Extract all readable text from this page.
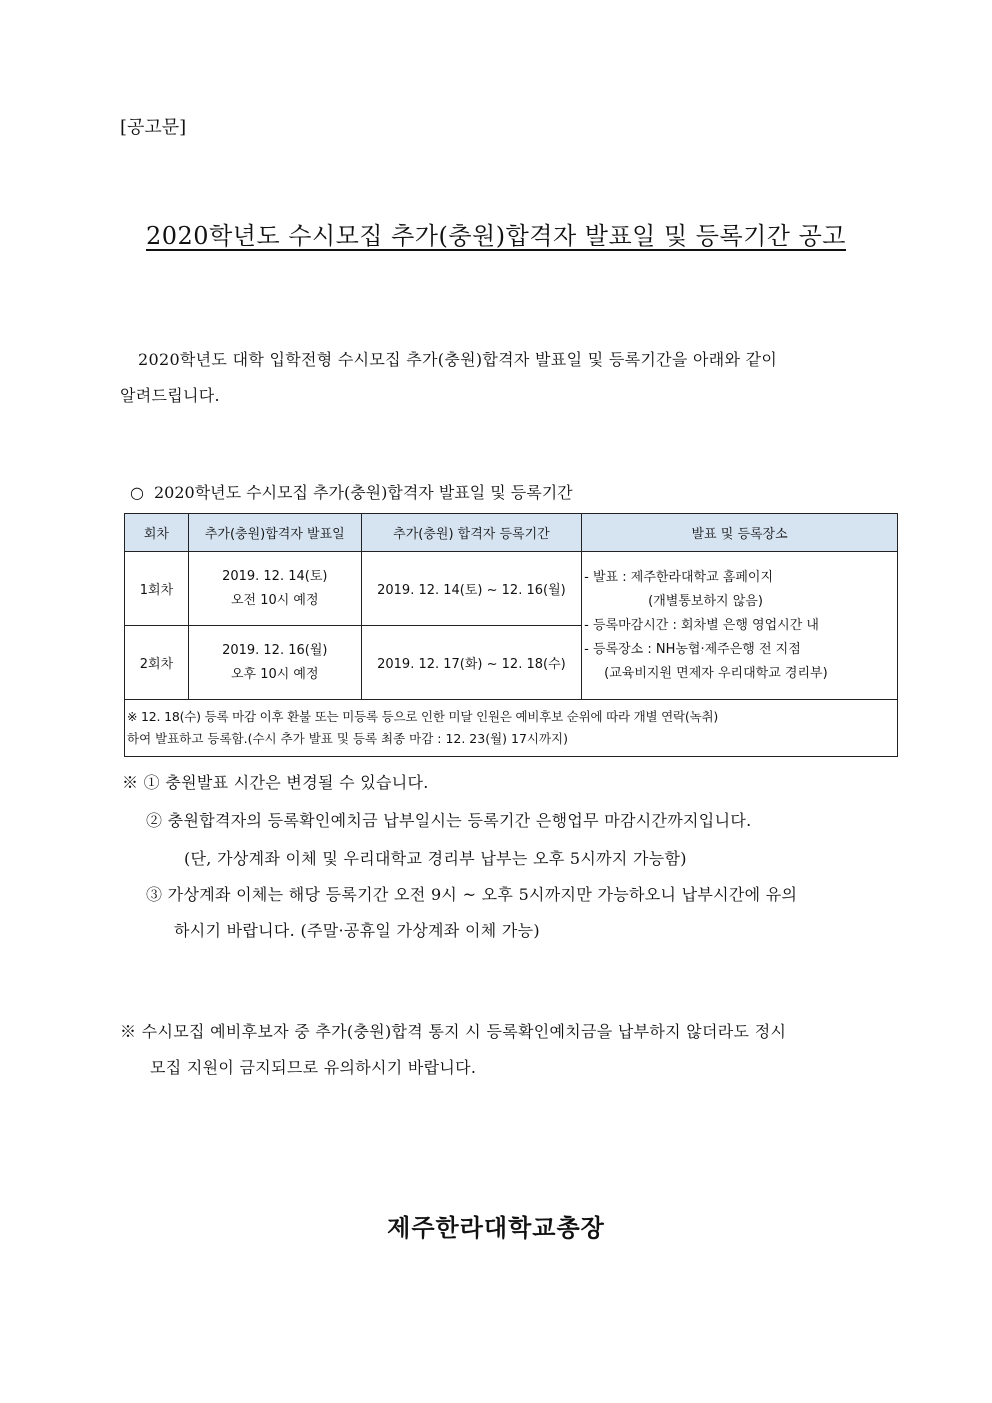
[공고문]
2020학년도 수시모집 추가(충원)합격자 발표일 및 등록기간 공고
2020학년도 대학 입학전형 수시모집 추가(충원)합격자 발표일 및 등록기간을 아래와 같이
알려드립니다.
○ 2020학년도 수시모집 추가(충원)합격자 발표일 및 등록기간
회차	추가(충원)합격자 발표일	추가(충원) 합격자 등록기간	발표 및 등록장소
1회차	2019. 12. 14(토)
오전 10시 예정	2019. 12. 14(토) ~ 12. 16(월)	- 발표 : 제주한라대학교 홈페이지
(개별통보하지 않음)
- 등록마감시간 : 회차별 은행 영업시간 내
- 등록장소 : NH농협·제주은행 전 지점
(교육비지원 면제자 우리대학교 경리부)

2회차	2019. 12. 16(월)
오후 10시 예정	2019. 12. 17(화) ~ 12. 18(수)	

※ 12. 18(수) 등록 마감 이후 환불 또는 미등록 등으로 인한 미달 인원은 예비후보 순위에 따라 개별 연락(녹취)
하여 발표하고 등록함.(수시 추가 발표 및 등록 최종 마감 : 12. 23(월) 17시까지)			
※ ① 충원발표 시간은 변경될 수 있습니다.
② 충원합격자의 등록확인예치금 납부일시는 등록기간 은행업무 마감시간까지입니다.
(단, 가상계좌 이체 및 우리대학교 경리부 납부는 오후 5시까지 가능함)
③ 가상계좌 이체는 해당 등록기간 오전 9시 ~ 오후 5시까지만 가능하오니 납부시간에 유의
하시기 바랍니다. (주말·공휴일 가상계좌 이체 가능)
※ 수시모집 예비후보자 중 추가(충원)합격 통지 시 등록확인예치금을 납부하지 않더라도 정시
모집 지원이 금지되므로 유의하시기 바랍니다.
제주한라대학교총장
